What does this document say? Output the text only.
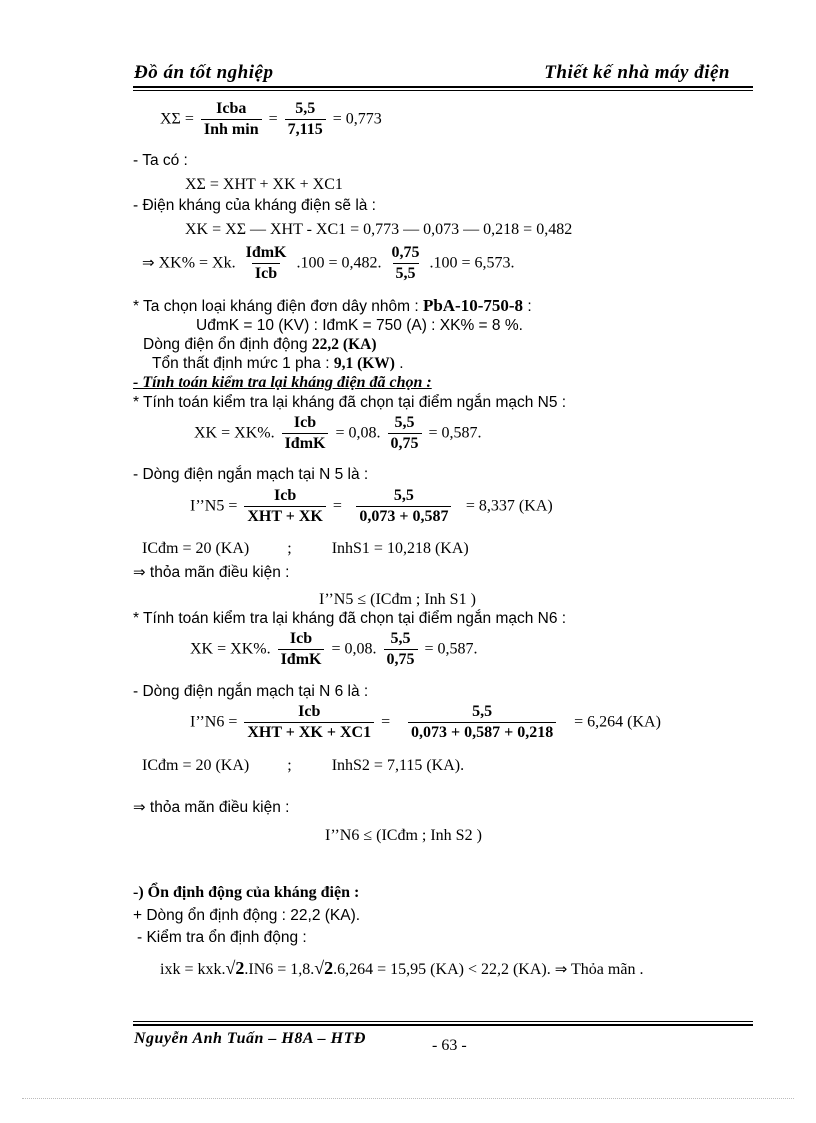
Đồ án tốt nghiệp	Thiết kế nhà máy điện
$X\Sigma = \frac{\text{Icba}}{\text{Inh min}} = \frac{5,5}{7,115} = 0,773$
- Ta có :
XΣ = XHT + XK + XC1
- Điện kháng của kháng điện sẽ là :
XK = XΣ — XHT - XC1 = 0,773 — 0,073 — 0,218 = 0,482
⇒ XK% = Xk. $\frac{\text{IđmK}}{\text{Icb}} .100 = 0,482$. $\frac{0,75}{5,5} .100 = 6,573$.
* Ta chọn loại kháng điện đơn dây nhôm : PbA-10-750-8 :
UđmK = 10 (KV) : IđmK = 750 (A) : XK% = 8 %.
Dòng điện ổn định động 22,2 (KA)
Tổn thất định mức 1 pha : 9,1 (KW) .
- Tính toán kiểm tra lại kháng điện đã chọn :
* Tính toán kiểm tra lại kháng đã chọn tại điểm ngắn mạch N5 :
XK = XK%. $\frac{\text{Icb}}{\text{IđmK}} = 0,08$. $\frac{5,5}{0,75} = 0,587$.
- Dòng điện ngắn mạch tại N 5 là :
I’’N5 = $\frac{\text{Icb}}{\text{XHT + XK}} = \frac{5,5}{0,073 + 0,587} = 8,337$ (KA)
ICđm = 20 (KA) ;	InhS1 = 10,218 (KA)
⇒ thỏa mãn điều kiện :
I’’N5 ≤ (ICđm ; Inh S1 )
* Tính toán kiểm tra lại kháng đã chọn tại điểm ngắn mạch N6 :
XK = XK%. $\frac{\text{Icb}}{\text{IđmK}} = 0,08$. $\frac{5,5}{0,75} = 0,587$.
- Dòng điện ngắn mạch tại N 6 là :
I’’N6 = $\frac{\text{Icb}}{\text{XHT + XK + XC1}} = \frac{5,5}{0,073 + 0,587 + 0,218} = 6,264$ (KA)
ICđm = 20 (KA) ;	InhS2 = 7,115 (KA).
⇒ thỏa mãn điều kiện :
I’’N6 ≤ (ICđm ; Inh S2 )
-) Ổn định động của kháng điện :
+ Dòng ổn định động : 22,2 (KA).
- Kiểm tra ổn định động :
ixk = kxk.√2.IN6 = 1,8.√2.6,264 = 15,95 (KA) < 22,2 (KA). ⇒ Thỏa mãn .
Nguyễn Anh Tuấn – H8A – HTĐ	- 63 -
